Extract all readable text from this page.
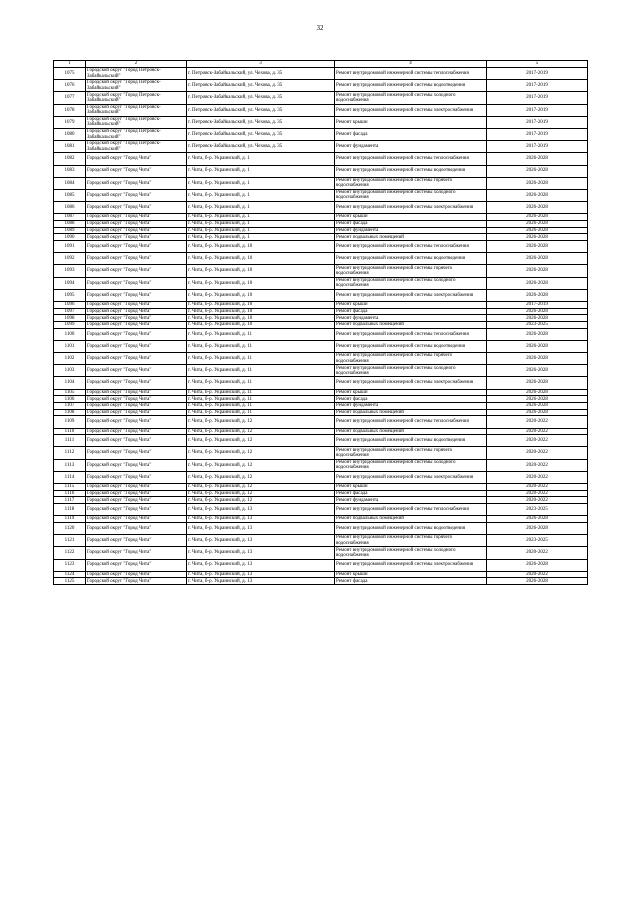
32
1	2	3	4	5
1075	Городской округ "Город Петровск-Забайкальский"	г. Петровск-Забайкальский, ул. Чехова, д. 35	Ремонт внутридомовой инженерной системы теплоснабжения	2017-2019
1076	Городской округ "Город Петровск-Забайкальский"	г. Петровск-Забайкальский, ул. Чехова, д. 35	Ремонт внутридомовой инженерной системы водоотведения	2017-2019
1077	Городской округ "Город Петровск-Забайкальский"	г. Петровск-Забайкальский, ул. Чехова, д. 35	Ремонт внутридомовой инженерной системы холодного водоснабжения	2017-2019
1078	Городской округ "Город Петровск-Забайкальский"	г. Петровск-Забайкальский, ул. Чехова, д. 35	Ремонт внутридомовой инженерной системы электроснабжения	2017-2019
1079	Городской округ "Город Петровск-Забайкальский"	г. Петровск-Забайкальский, ул. Чехова, д. 35	Ремонт крыши	2017-2019
1080	Городской округ "Город Петровск-Забайкальский"	г. Петровск-Забайкальский, ул. Чехова, д. 35	Ремонт фасада	2017-2019
1081	Городской округ "Город Петровск-Забайкальский"	г. Петровск-Забайкальский, ул. Чехова, д. 35	Ремонт фундамента	2017-2019
1082	Городской округ "Город Чита"	г. Чита, б-р. Украинский, д. 1	Ремонт внутридомовой инженерной системы теплоснабжения	2026-2028
1083	Городской округ "Город Чита"	г. Чита, б-р. Украинский, д. 1	Ремонт внутридомовой инженерной системы водоотведения	2026-2028
1084	Городской округ "Город Чита"	г. Чита, б-р. Украинский, д. 1	Ремонт внутридомовой инженерной системы горячего водоснабжения	2026-2028
1085	Городской округ "Город Чита"	г. Чита, б-р. Украинский, д. 1	Ремонт внутридомовой инженерной системы холодного водоснабжения	2026-2028
1086	Городской округ "Город Чита"	г. Чита, б-р. Украинский, д. 1	Ремонт внутридомовой инженерной системы электроснабжения	2026-2028
1087	Городской округ "Город Чита"	г. Чита, б-р. Украинский, д. 1	Ремонт крыши	2026-2028
1088	Городской округ "Город Чита"	г. Чита, б-р. Украинский, д. 1	Ремонт фасада	2026-2028
1089	Городской округ "Город Чита"	г. Чита, б-р. Украинский, д. 1	Ремонт фундамента	2026-2028
1090	Городской округ "Город Чита"	г. Чита, б-р. Украинский, д. 1	Ремонт подвальных помещений	2026-2028
1091	Городской округ "Город Чита"	г. Чита, б-р. Украинский, д. 10	Ремонт внутридомовой инженерной системы теплоснабжения	2026-2028
1092	Городской округ "Город Чита"	г. Чита, б-р. Украинский, д. 10	Ремонт внутридомовой инженерной системы водоотведения	2026-2028
1093	Городской округ "Город Чита"	г. Чита, б-р. Украинский, д. 10	Ремонт внутридомовой инженерной системы горячего водоснабжения	2026-2028
1094	Городской округ "Город Чита"	г. Чита, б-р. Украинский, д. 10	Ремонт внутридомовой инженерной системы холодного водоснабжения	2026-2028
1095	Городской округ "Город Чита"	г. Чита, б-р. Украинский, д. 10	Ремонт внутридомовой инженерной системы электроснабжения	2026-2028
1096	Городской округ "Город Чита"	г. Чита, б-р. Украинский, д. 10	Ремонт крыши	2017-2019
1097	Городской округ "Город Чита"	г. Чита, б-р. Украинский, д. 10	Ремонт фасада	2026-2028
1098	Городской округ "Город Чита"	г. Чита, б-р. Украинский, д. 10	Ремонт фундамента	2026-2028
1099	Городской округ "Город Чита"	г. Чита, б-р. Украинский, д. 10	Ремонт подвальных помещений	2023-2025
1100	Городской округ "Город Чита"	г. Чита, б-р. Украинский, д. 11	Ремонт внутридомовой инженерной системы теплоснабжения	2026-2028
1101	Городской округ "Город Чита"	г. Чита, б-р. Украинский, д. 11	Ремонт внутридомовой инженерной системы водоотведения	2026-2028
1102	Городской округ "Город Чита"	г. Чита, б-р. Украинский, д. 11	Ремонт внутридомовой инженерной системы горячего водоснабжения	2026-2028
1103	Городской округ "Город Чита"	г. Чита, б-р. Украинский, д. 11	Ремонт внутридомовой инженерной системы холодного водоснабжения	2026-2028
1104	Городской округ "Город Чита"	г. Чита, б-р. Украинский, д. 11	Ремонт внутридомовой инженерной системы электроснабжения	2026-2028
1105	Городской округ "Город Чита"	г. Чита, б-р. Украинский, д. 11	Ремонт крыши	2026-2028
1106	Городской округ "Город Чита"	г. Чита, б-р. Украинский, д. 11	Ремонт фасада	2026-2028
1107	Городской округ "Город Чита"	г. Чита, б-р. Украинский, д. 11	Ремонт фундамента	2026-2028
1108	Городской округ "Город Чита"	г. Чита, б-р. Украинский, д. 11	Ремонт подвальных помещений	2026-2028
1109	Городской округ "Город Чита"	г. Чита, б-р. Украинский, д. 12	Ремонт внутридомовой инженерной системы теплоснабжения	2020-2022
1110	Городской округ "Город Чита"	г. Чита, б-р. Украинский, д. 12	Ремонт подвальных помещений	2020-2022
1111	Городской округ "Город Чита"	г. Чита, б-р. Украинский, д. 12	Ремонт внутридомовой инженерной системы водоотведения	2020-2022
1112	Городской округ "Город Чита"	г. Чита, б-р. Украинский, д. 12	Ремонт внутридомовой инженерной системы горячего водоснабжения	2020-2022
1113	Городской округ "Город Чита"	г. Чита, б-р. Украинский, д. 12	Ремонт внутридомовой инженерной системы холодного водоснабжения	2020-2022
1114	Городской округ "Город Чита"	г. Чита, б-р. Украинский, д. 12	Ремонт внутридомовой инженерной системы электроснабжения	2020-2022
1115	Городской округ "Город Чита"	г. Чита, б-р. Украинский, д. 12	Ремонт крыши	2020-2022
1116	Городской округ "Город Чита"	г. Чита, б-р. Украинский, д. 12	Ремонт фасада	2020-2022
1117	Городской округ "Город Чита"	г. Чита, б-р. Украинский, д. 12	Ремонт фундамента	2020-2022
1118	Городской округ "Город Чита"	г. Чита, б-р. Украинский, д. 13	Ремонт внутридомовой инженерной системы теплоснабжения	2023-2025
1119	Городской округ "Город Чита"	г. Чита, б-р. Украинский, д. 13	Ремонт подвальных помещений	2026-2028
1120	Городской округ "Город Чита"	г. Чита, б-р. Украинский, д. 13	Ремонт внутридомовой инженерной системы водоотведения	2026-2028
1121	Городской округ "Город Чита"	г. Чита, б-р. Украинский, д. 13	Ремонт внутридомовой инженерной системы горячего водоснабжения	2023-2025
1122	Городской округ "Город Чита"	г. Чита, б-р. Украинский, д. 13	Ремонт внутридомовой инженерной системы холодного водоснабжения	2020-2022
1123	Городской округ "Город Чита"	г. Чита, б-р. Украинский, д. 13	Ремонт внутридомовой инженерной системы электроснабжения	2026-2028
1124	Городской округ "Город Чита"	г. Чита, б-р. Украинский, д. 13	Ремонт крыши	2020-2022
1125	Городской округ "Город Чита"	г. Чита, б-р. Украинский, д. 13	Ремонт фасада	2026-2028
